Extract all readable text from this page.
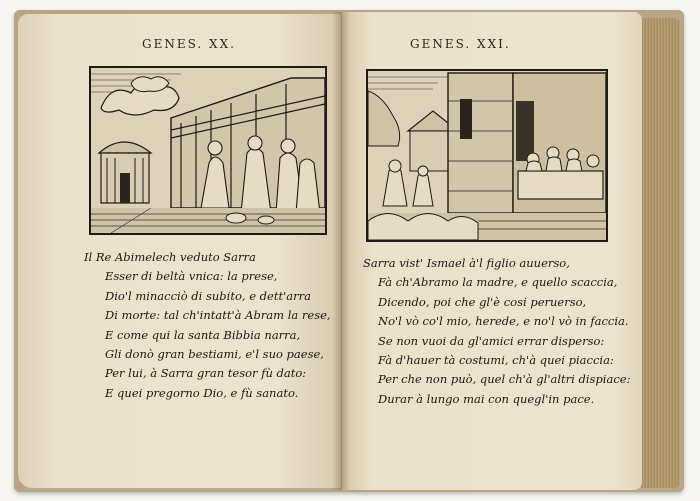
GENES. XX.	GENES. XXI.
Il Re Abimelech veduto Sarra
Esser di beltà vnica: la prese,
Dio'l minacciò di subito, e dett'arra
Di morte: tal ch'intatt'à Abram la rese,
E come qui la santa Bibbia narra,
Gli donò gran bestiami, e'l suo paese,
Per lui, à Sarra gran tesor fù dato:
E quei pregorno Dio, e fù sanato.
Sarra vist' Ismael à'l figlio auuerso,
Fà ch'Abramo la madre, e quello scaccia,
Dicendo, poi che gl'è cosi peruerso,
No'l vò co'l mio, herede, e no'l vò in faccia.
Se non vuoi da gl'amici errar disperso:
Fà d'hauer tà costumi, ch'à quei piaccia:
Per che non può, quel ch'à gl'altri dispiace:
Durar à lungo mai con quegl'in pace.
